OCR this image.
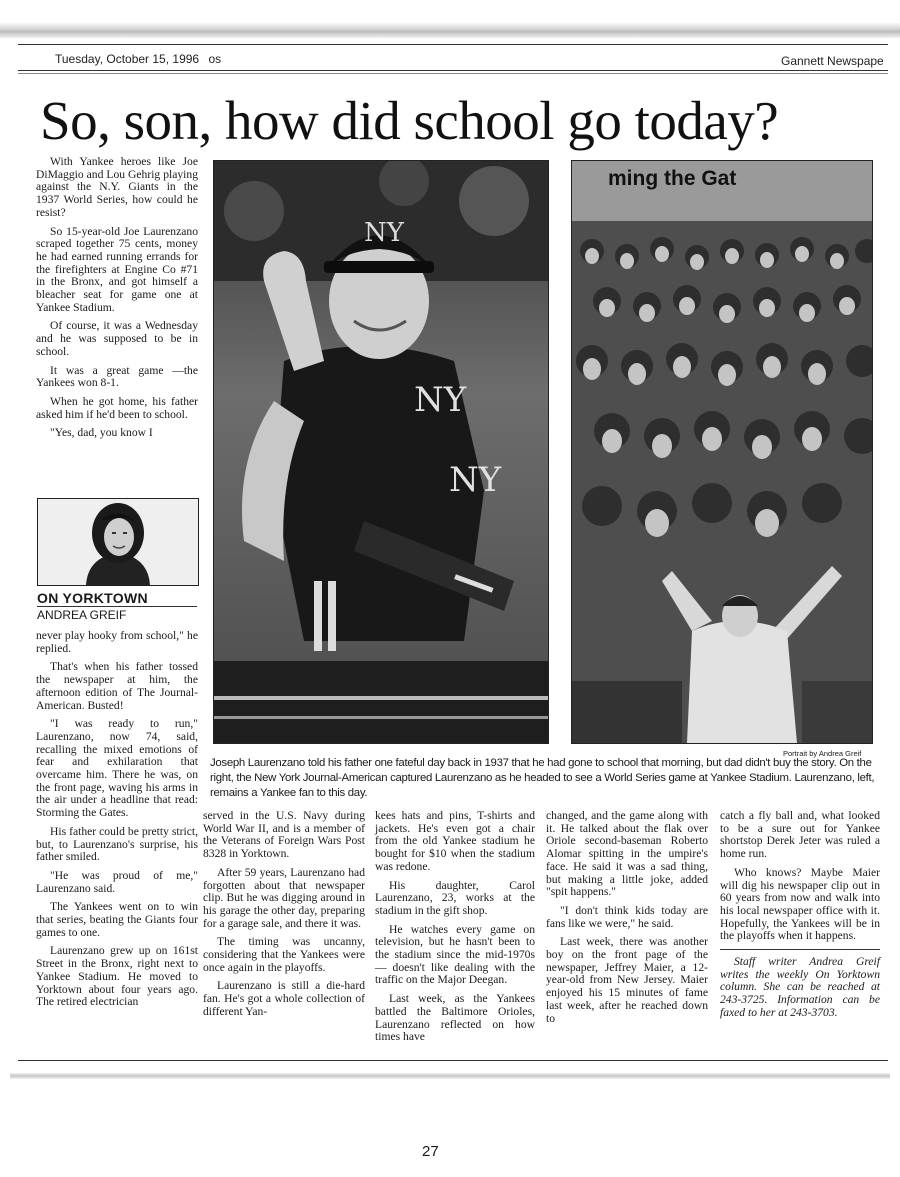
Tuesday, October 15, 1996 os	Gannett Newspape
So, son, how did school go today?

With Yankee heroes like Joe DiMaggio and Lou Gehrig playing against the N.Y. Giants in the 1937 World Series, how could he resist?

So 15-year-old Joe Laurenzano scraped together 75 cents, money he had earned running errands for the firefighters at Engine Co #71 in the Bronx, and got himself a bleacher seat for game one at Yankee Stadium.

Of course, it was a Wednesday and he was supposed to be in school.

It was a great game —the Yankees won 8-1.

When he got home, his father asked him if he'd been to school.

"Yes, dad, you know I

ON YORKTOWN
ANDREA GREIF

never play hooky from school," he replied.

That's when his father tossed the newspaper at him, the afternoon edition of The Journal-American. Busted!

"I was ready to run," Laurenzano, now 74, said, recalling the mixed emotions of fear and exhilaration that overcame him. There he was, on the front page, waving his arms in the air under a headline that read: Storming the Gates.

His father could be pretty strict, but, to Laurenzano's surprise, his father smiled.

"He was proud of me," Laurenzano said.

The Yankees went on to win that series, beating the Giants four games to one.

Laurenzano grew up on 161st Street in the Bronx, right next to Yankee Stadium. He moved to Yorktown about four years ago. The retired electrician

NY
NY
NY
ming the Gat
Portrait by Andrea Greif
Joseph Laurenzano told his father one fateful day back in 1937 that he had gone to school that morning, but dad didn't buy the story. On the right, the New York Journal-American captured Laurenzano as he headed to see a World Series game at Yankee Stadium. Laurenzano, left, remains a Yankee fan to this day.

served in the U.S. Navy during World War II, and is a member of the Veterans of Foreign Wars Post 8328 in Yorktown.

After 59 years, Laurenzano had forgotten about that newspaper clip. But he was digging around in his garage the other day, preparing for a garage sale, and there it was.

The timing was uncanny, considering that the Yankees were once again in the playoffs.

Laurenzano is still a die-hard fan. He's got a whole collection of different Yan-

kees hats and pins, T-shirts and jackets. He's even got a chair from the old Yankee stadium he bought for $10 when the stadium was redone.

His daughter, Carol Laurenzano, 23, works at the stadium in the gift shop.

He watches every game on television, but he hasn't been to the stadium since the mid-1970s — doesn't like dealing with the traffic on the Major Deegan.

Last week, as the Yankees battled the Baltimore Orioles, Laurenzano reflected on how times have

changed, and the game along with it. He talked about the flak over Oriole second-baseman Roberto Alomar spitting in the umpire's face. He said it was a sad thing, but making a little joke, added "spit happens."

"I don't think kids today are fans like we were," he said.

Last week, there was another boy on the front page of the newspaper, Jeffrey Maier, a 12-year-old from New Jersey. Maier enjoyed his 15 minutes of fame last week, after he reached down to

catch a fly ball and, what looked to be a sure out for Yankee shortstop Derek Jeter was ruled a home run.

Who knows? Maybe Maier will dig his newspaper clip out in 60 years from now and walk into his local newspaper office with it. Hopefully, the Yankees will be in the playoffs when it happens.

Staff writer Andrea Greif writes the weekly On Yorktown column. She can be reached at 243-3725. Information can be faxed to her at 243-3703.

27
